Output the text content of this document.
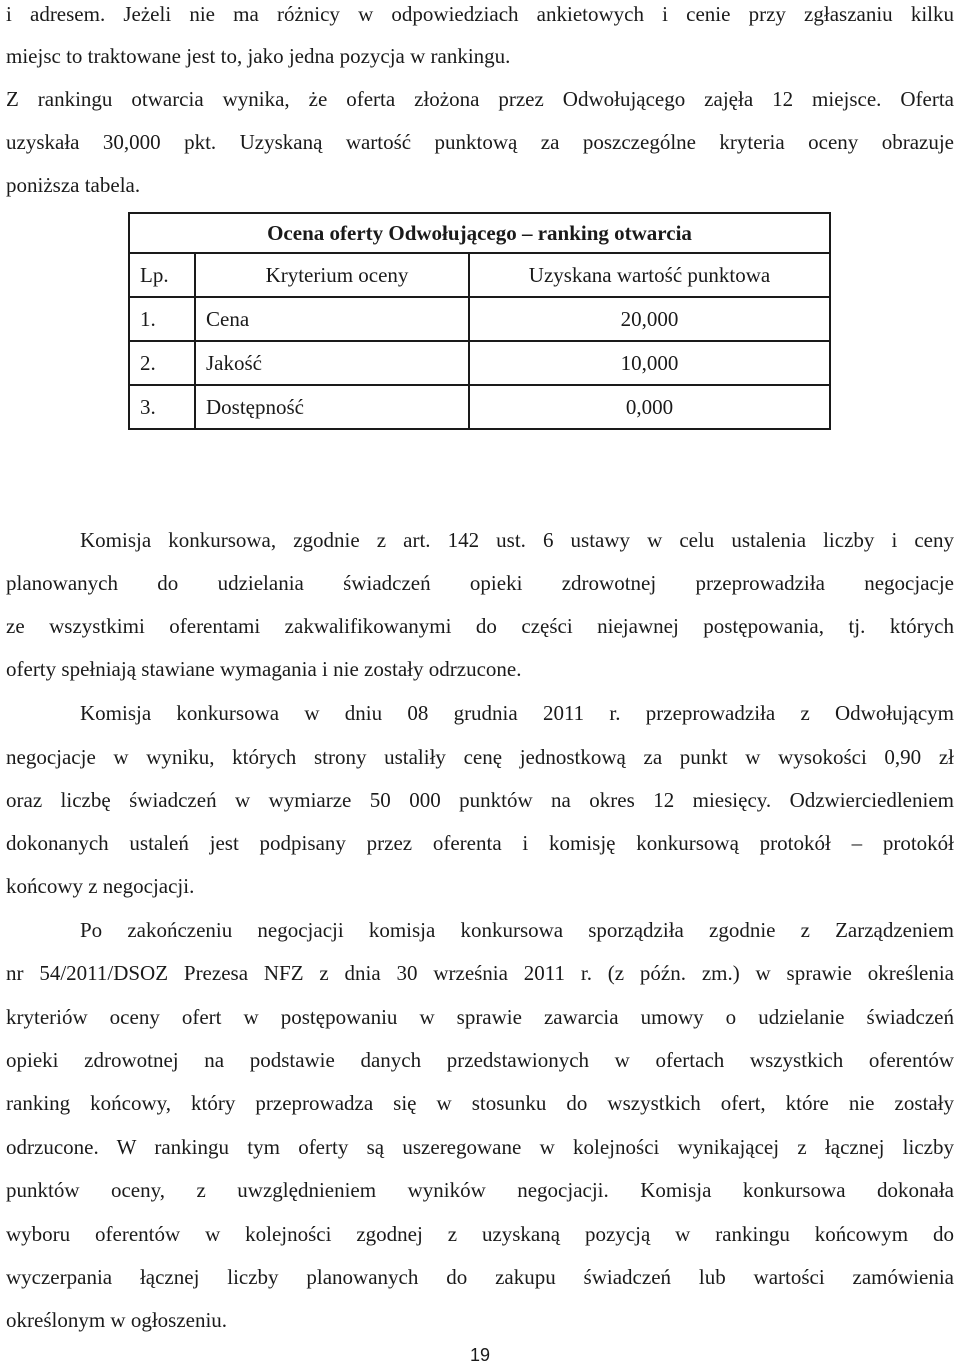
i adresem. Jeżeli nie ma różnicy w odpowiedziach ankietowych i cenie przy zgłaszaniu kilku
miejsc to traktowane jest to, jako jedna pozycja w rankingu.
Z rankingu otwarcia wynika, że oferta złożona przez Odwołującego zajęła 12 miejsce. Oferta
uzyskała 30,000 pkt. Uzyskaną wartość punktową za poszczególne kryteria oceny obrazuje
poniższa tabela.
Ocena oferty Odwołującego – ranking otwarcia		
Lp.	Kryterium oceny	Uzyskana wartość punktowa
1.	Cena	20,000
2.	Jakość	10,000
3.	Dostępność	0,000
Komisja konkursowa, zgodnie z art. 142 ust. 6 ustawy w celu ustalenia liczby i ceny
planowanych do udzielania świadczeń opieki zdrowotnej przeprowadziła negocjacje
ze wszystkimi oferentami zakwalifikowanymi do części niejawnej postępowania, tj. których
oferty spełniają stawiane wymagania i nie zostały odrzucone.
Komisja konkursowa w dniu 08 grudnia 2011 r. przeprowadziła z Odwołującym
negocjacje w wyniku, których strony ustaliły cenę jednostkową za punkt w wysokości 0,90 zł
oraz liczbę świadczeń w wymiarze 50 000 punktów na okres 12 miesięcy. Odzwierciedleniem
dokonanych ustaleń jest podpisany przez oferenta i komisję konkursową protokół – protokół
końcowy z negocjacji.
Po zakończeniu negocjacji komisja konkursowa sporządziła zgodnie z Zarządzeniem
nr 54/2011/DSOZ Prezesa NFZ z dnia 30 września 2011 r. (z późn. zm.) w sprawie określenia
kryteriów oceny ofert w postępowaniu w sprawie zawarcia umowy o udzielanie świadczeń
opieki zdrowotnej na podstawie danych przedstawionych w ofertach wszystkich oferentów
ranking końcowy, który przeprowadza się w stosunku do wszystkich ofert, które nie zostały
odrzucone. W rankingu tym oferty są uszeregowane w kolejności wynikającej z łącznej liczby
punktów oceny, z uwzględnieniem wyników negocjacji. Komisja konkursowa dokonała
wyboru oferentów w kolejności zgodnej z uzyskaną pozycją w rankingu końcowym do
wyczerpania łącznej liczby planowanych do zakupu świadczeń lub wartości zamówienia
określonym w ogłoszeniu.
19
